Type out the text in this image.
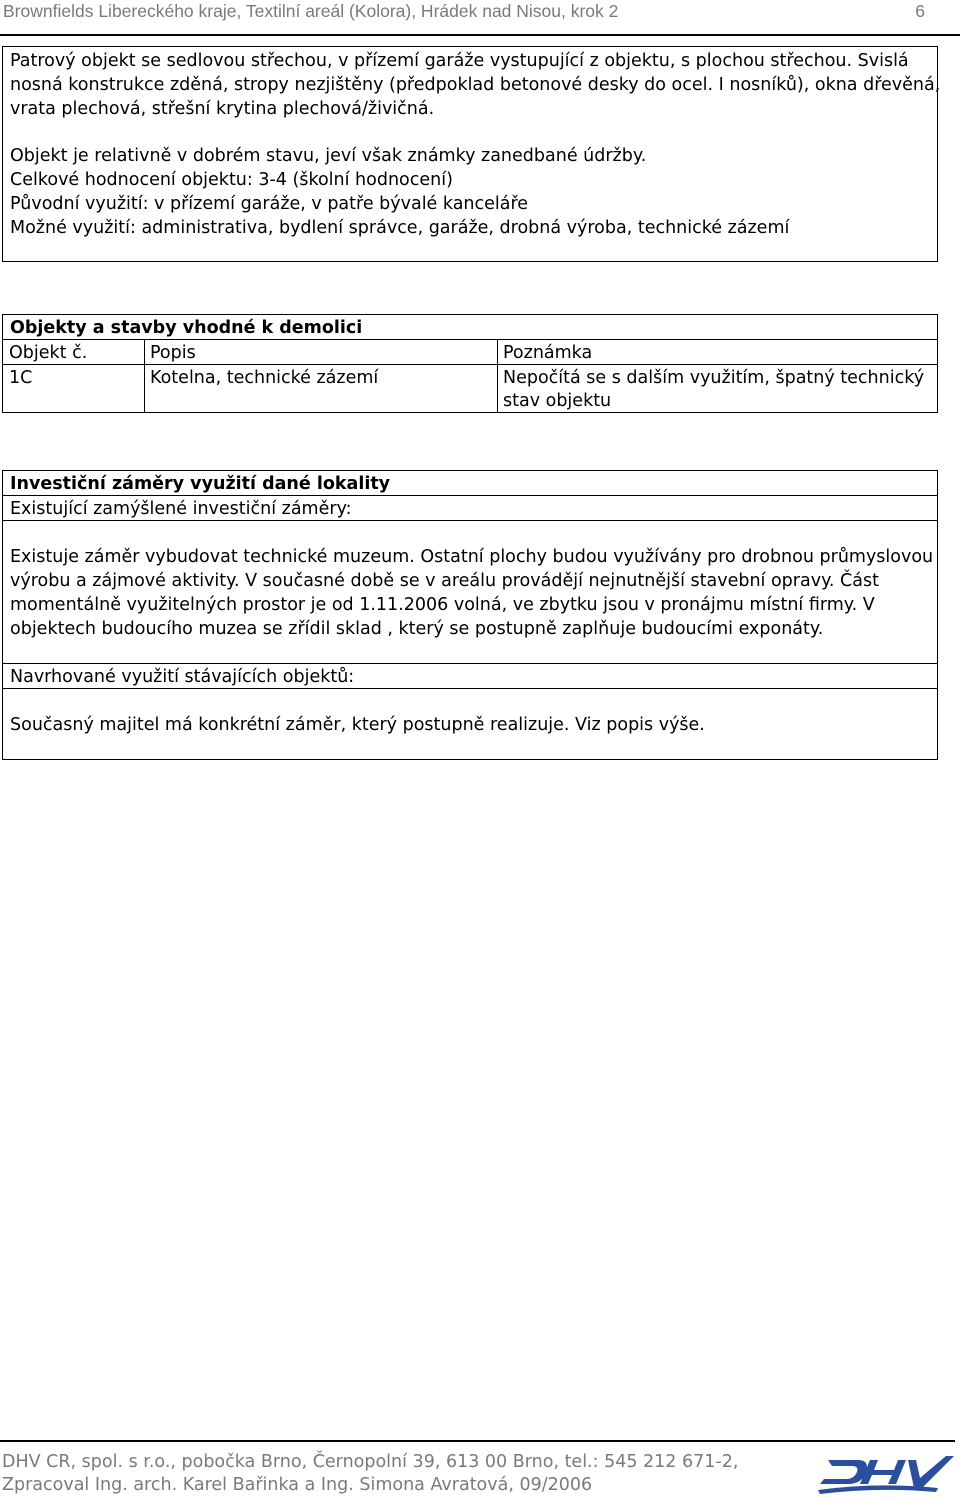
Brownfields Libereckého kraje, Textilní areál (Kolora), Hrádek nad Nisou, krok 2	6
Patrový objekt se sedlovou střechou, v přízemí garáže vystupující z objektu, s plochou střechou. Svislá
nosná konstrukce zděná, stropy nezjištěny (předpoklad betonové desky do ocel. I nosníků), okna dřevěná,
vrata plechová, střešní krytina plechová/živičná.
Objekt je relativně v dobrém stavu, jeví však známky zanedbané údržby.
Celkové hodnocení objektu: 3-4 (školní hodnocení)
Původní využití: v přízemí garáže, v patře bývalé kanceláře
Možné využití: administrativa, bydlení správce, garáže, drobná výroba, technické zázemí
Objekty a stavby vhodné k demolici
Objekt č.	Popis	Poznámka
1C	Kotelna, technické zázemí	Nepočítá se s dalším využitím, špatný technický
stav objektu
Investiční záměry využití dané lokality
Existující zamýšlené investiční záměry:
Existuje záměr vybudovat technické muzeum. Ostatní plochy budou využívány pro drobnou průmyslovou
výrobu a zájmové aktivity. V současné době se v areálu provádějí nejnutnější stavební opravy. Část
momentálně využitelných prostor je od 1.11.2006 volná, ve zbytku jsou v pronájmu místní firmy. V
objektech budoucího muzea se zřídil sklad , který se postupně zaplňuje budoucími exponáty.
Navrhované využití stávajících objektů:
Současný majitel má konkrétní záměr, který postupně realizuje. Viz popis výše.
DHV CR, spol. s r.o., pobočka Brno, Černopolní 39, 613 00 Brno, tel.: 545 212 671-2,
Zpracoval Ing. arch. Karel Bařinka a Ing. Simona Avratová, 09/2006
